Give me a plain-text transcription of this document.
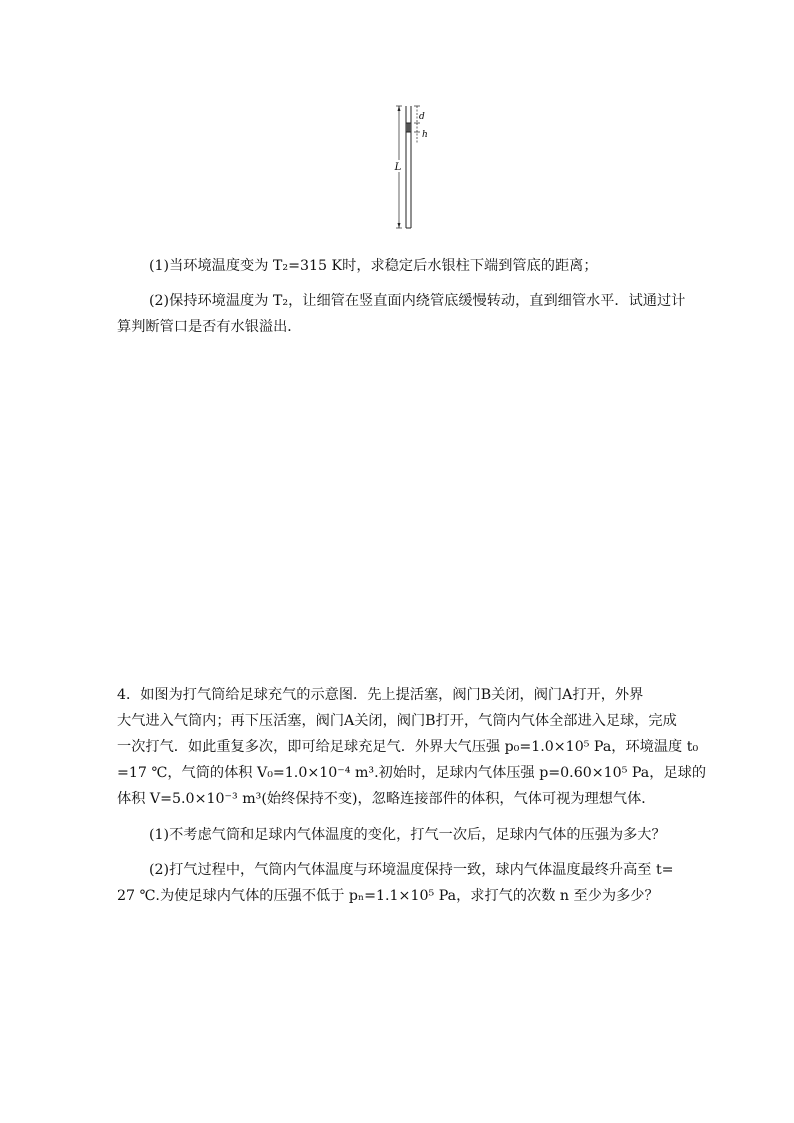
L
d
h

(1)当环境温度变为 T₂=315 K时，求稳定后水银柱下端到管底的距离；

(2)保持环境温度为 T₂，让细管在竖直面内绕管底缓慢转动，直到细管水平．试通过计

算判断管口是否有水银溢出．

4．如图为打气筒给足球充气的示意图．先上提活塞，阀门B关闭，阀门A打开，外界
大气进入气筒内；再下压活塞，阀门A关闭，阀门B打开，气筒内气体全部进入足球，完成
一次打气．如此重复多次，即可给足球充足气．外界大气压强 p₀=1.0×10⁵ Pa，环境温度 t₀
=17 ℃，气筒的体积 V₀=1.0×10⁻⁴ m³.初始时，足球内气体压强 p=0.60×10⁵ Pa，足球的
体积 V=5.0×10⁻³ m³(始终保持不变)，忽略连接部件的体积，气体可视为理想气体．

(1)不考虑气筒和足球内气体温度的变化，打气一次后，足球内气体的压强为多大？

(2)打气过程中，气筒内气体温度与环境温度保持一致，球内气体温度最终升高至 t=

27 ℃.为使足球内气体的压强不低于 pₙ=1.1×10⁵ Pa，求打气的次数 n 至少为多少？
